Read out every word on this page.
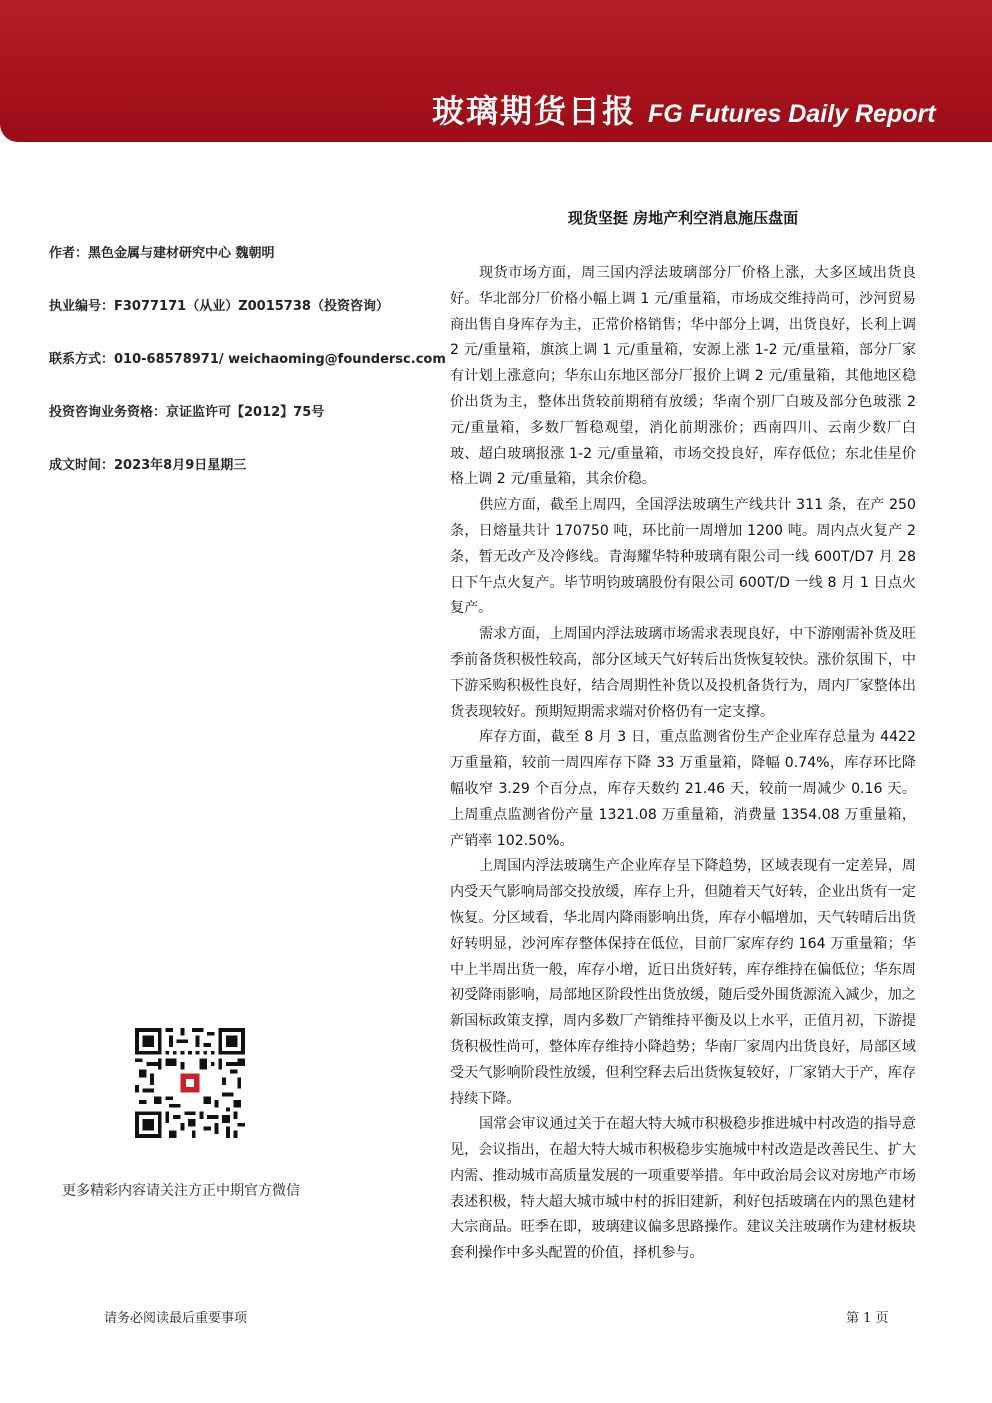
玻璃期货日报 FG Futures Daily Report
作者：黑色金属与建材研究中心 魏朝明
执业编号：F3077171（从业）Z0015738（投资咨询）
联系方式：010-68578971/ weichaoming@foundersc.com
投资咨询业务资格：京证监许可【2012】75号
成文时间：2023年8月9日星期三
现货坚挺 房地产利空消息施压盘面

现货市场方面，周三国内浮法玻璃部分厂价格上涨，大多区域出货良好。华北部分厂价格小幅上调 1 元/重量箱，市场成交维持尚可，沙河贸易商出售自身库存为主，正常价格销售；华中部分上调，出货良好，长利上调 2 元/重量箱，旗滨上调 1 元/重量箱，安源上涨 1-2 元/重量箱，部分厂家有计划上涨意向；华东山东地区部分厂报价上调 2 元/重量箱，其他地区稳价出货为主，整体出货较前期稍有放缓；华南个别厂白玻及部分色玻涨 2 元/重量箱，多数厂暂稳观望，消化前期涨价；西南四川、云南少数厂白玻、超白玻璃报涨 1-2 元/重量箱，市场交投良好，库存低位；东北佳星价格上调 2 元/重量箱，其余价稳。

供应方面，截至上周四，全国浮法玻璃生产线共计 311 条，在产 250 条，日熔量共计 170750 吨，环比前一周增加 1200 吨。周内点火复产 2 条，暂无改产及冷修线。青海耀华特种玻璃有限公司一线 600T/D7 月 28 日下午点火复产。毕节明钧玻璃股份有限公司 600T/D 一线 8 月 1 日点火复产。

需求方面，上周国内浮法玻璃市场需求表现良好，中下游刚需补货及旺季前备货积极性较高，部分区域天气好转后出货恢复较快。涨价氛围下，中下游采购积极性良好，结合周期性补货以及投机备货行为，周内厂家整体出货表现较好。预期短期需求端对价格仍有一定支撑。

库存方面，截至 8 月 3 日，重点监测省份生产企业库存总量为 4422 万重量箱，较前一周四库存下降 33 万重量箱，降幅 0.74%，库存环比降幅收窄 3.29 个百分点，库存天数约 21.46 天，较前一周减少 0.16 天。上周重点监测省份产量 1321.08 万重量箱，消费量 1354.08 万重量箱，产销率 102.50%。

上周国内浮法玻璃生产企业库存呈下降趋势，区域表现有一定差异，周内受天气影响局部交投放缓，库存上升，但随着天气好转，企业出货有一定恢复。分区域看，华北周内降雨影响出货，库存小幅增加，天气转晴后出货好转明显，沙河库存整体保持在低位，目前厂家库存约 164 万重量箱；华中上半周出货一般，库存小增，近日出货好转，库存维持在偏低位；华东周初受降雨影响，局部地区阶段性出货放缓，随后受外围货源流入减少，加之新国标政策支撑，周内多数厂产销维持平衡及以上水平，正值月初，下游提货积极性尚可，整体库存维持小降趋势；华南厂家周内出货良好，局部区域受天气影响阶段性放缓，但利空释去后出货恢复较好，厂家销大于产，库存持续下降。

国常会审议通过关于在超大特大城市积极稳步推进城中村改造的指导意见，会议指出，在超大特大城市积极稳步实施城中村改造是改善民生、扩大内需、推动城市高质量发展的一项重要举措。年中政治局会议对房地产市场表述积极，特大超大城市城中村的拆旧建新，利好包括玻璃在内的黑色建材大宗商品。旺季在即，玻璃建议偏多思路操作。建议关注玻璃作为建材板块套利操作中多头配置的价值，择机参与。

更多精彩内容请关注方正中期官方微信
请务必阅读最后重要事项	第 1 页
